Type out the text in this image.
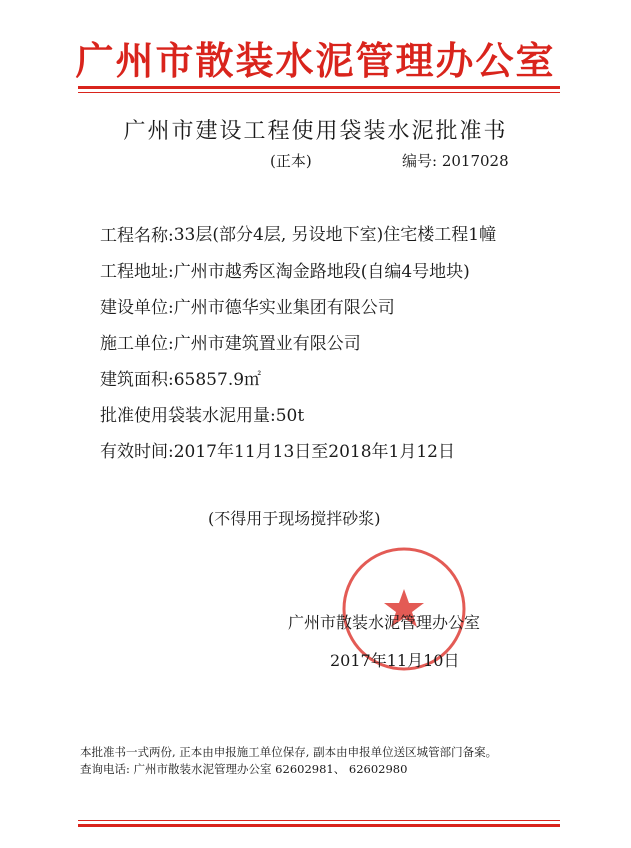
广州市散装水泥管理办公室
广州市建设工程使用袋装水泥批准书
(正本)	编号: 2017028
工程名称: 33层(部分4层, 另设地下室)住宅楼工程1幢
工程地址: 广州市越秀区淘金路地段(自编4号地块)
建设单位: 广州市德华实业集团有限公司
施工单位: 广州市建筑置业有限公司
建筑面积: 65857.9㎡
批准使用袋装水泥用量: 50t
有效时间: 2017年11月13日至2018年1月12日
(不得用于现场搅拌砂浆)
广州市散装水泥管理办公室
2017年11月10日
本批准书一式两份, 正本由申报施工单位保存, 副本由申报单位送区城管部门备案。
查询电话: 广州市散装水泥管理办公室 62602981、 62602980
